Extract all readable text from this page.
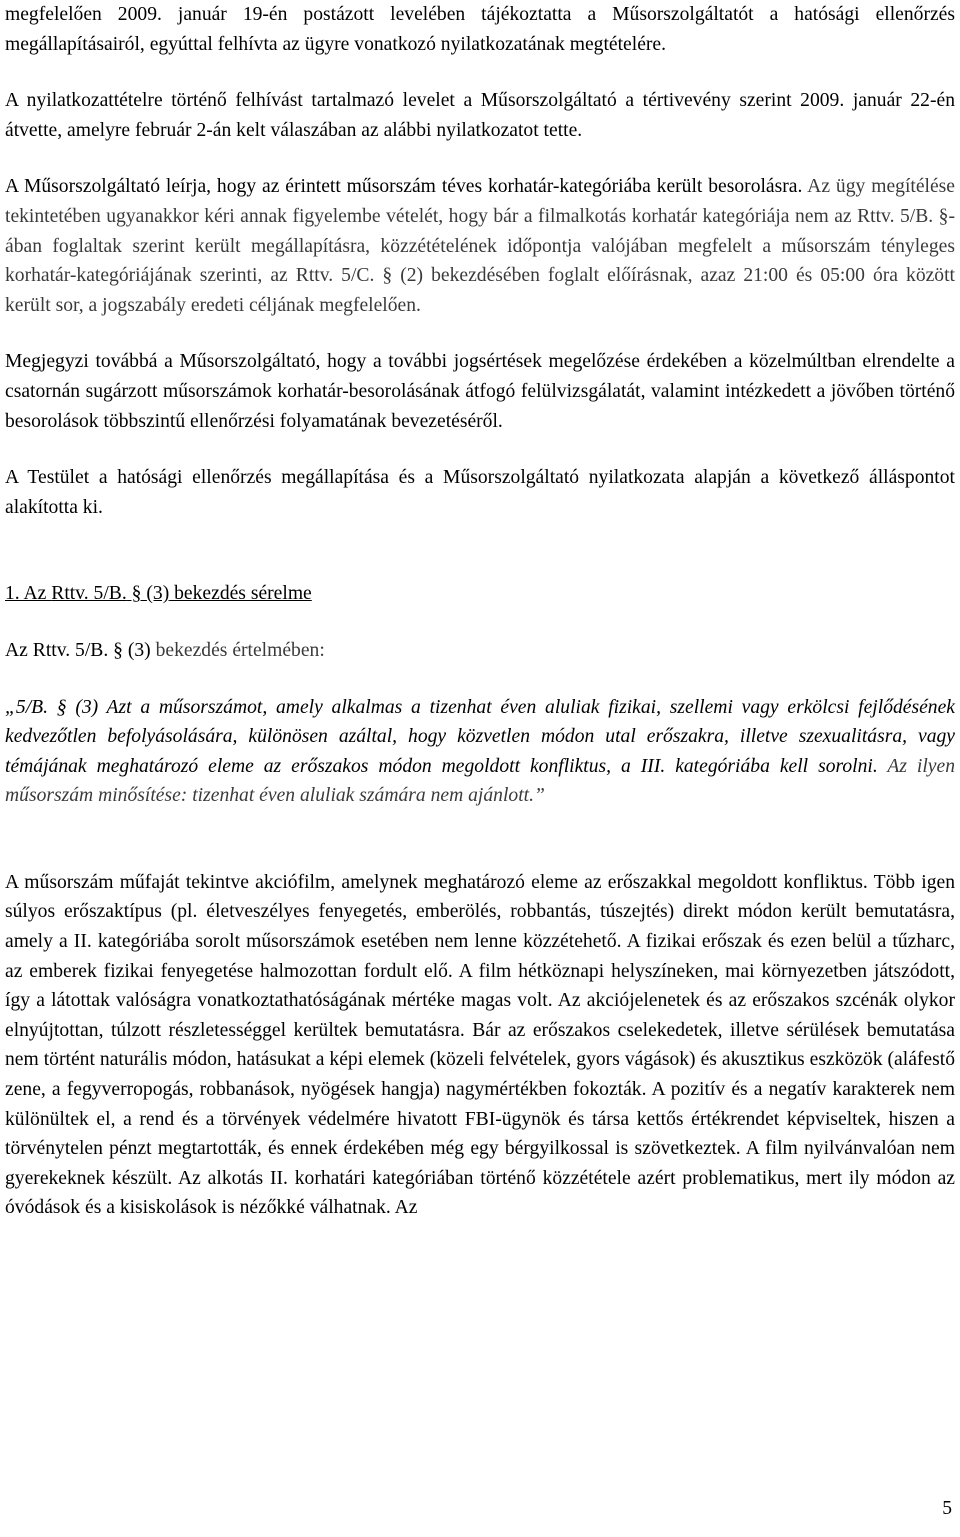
megfelelően 2009. január 19-én postázott levelében tájékoztatta a Műsorszolgáltatót a hatósági ellenőrzés megállapításairól, egyúttal felhívta az ügyre vonatkozó nyilatkozatának megtételére.

A nyilatkozattételre történő felhívást tartalmazó levelet a Műsorszolgáltató a tértivevény szerint 2009. január 22-én átvette, amelyre február 2-án kelt válaszában az alábbi nyilatkozatot tette.

A Műsorszolgáltató leírja, hogy az érintett műsorszám téves korhatár-kategóriába került besorolásra. Az ügy megítélése tekintetében ugyanakkor kéri annak figyelembe vételét, hogy bár a filmalkotás korhatár kategóriája nem az Rttv. 5/B. §-ában foglaltak szerint került megállapításra, közzétételének időpontja valójában megfelelt a műsorszám tényleges korhatár-kategóriájának szerinti, az Rttv. 5/C. § (2) bekezdésében foglalt előírásnak, azaz 21:00 és 05:00 óra között került sor, a jogszabály eredeti céljának megfelelően.

Megjegyzi továbbá a Műsorszolgáltató, hogy a további jogsértések megelőzése érdekében a közelmúltban elrendelte a csatornán sugárzott műsorszámok korhatár-besorolásának átfogó felülvizsgálatát, valamint intézkedett a jövőben történő besorolások többszintű ellenőrzési folyamatának bevezetéséről.

A Testület a hatósági ellenőrzés megállapítása és a Műsorszolgáltató nyilatkozata alapján a következő álláspontot alakította ki.

1. Az Rttv. 5/B. § (3) bekezdés sérelme

Az Rttv. 5/B. § (3) bekezdés értelmében:

„5/B. § (3) Azt a műsorszámot, amely alkalmas a tizenhat éven aluliak fizikai, szellemi vagy erkölcsi fejlődésének kedvezőtlen befolyásolására, különösen azáltal, hogy közvetlen módon utal erőszakra, illetve szexualitásra, vagy témájának meghatározó eleme az erőszakos módon megoldott konfliktus, a III. kategóriába kell sorolni. Az ilyen műsorszám minősítése: tizenhat éven aluliak számára nem ajánlott.”

A műsorszám műfaját tekintve akciófilm, amelynek meghatározó eleme az erőszakkal megoldott konfliktus. Több igen súlyos erőszaktípus (pl. életveszélyes fenyegetés, emberölés, robbantás, túszejtés) direkt módon került bemutatásra, amely a II. kategóriába sorolt műsorszámok esetében nem lenne közzétehető. A fizikai erőszak és ezen belül a tűzharc, az emberek fizikai fenyegetése halmozottan fordult elő. A film hétköznapi helyszíneken, mai környezetben játszódott, így a látottak valóságra vonatkoztathatóságának mértéke magas volt. Az akciójelenetek és az erőszakos szcénák olykor elnyújtottan, túlzott részletességgel kerültek bemutatásra. Bár az erőszakos cselekedetek, illetve sérülések bemutatása nem történt naturális módon, hatásukat a képi elemek (közeli felvételek, gyors vágások) és akusztikus eszközök (aláfestő zene, a fegyverropogás, robbanások, nyögések hangja) nagymértékben fokozták. A pozitív és a negatív karakterek nem különültek el, a rend és a törvények védelmére hivatott FBI-ügynök és társa kettős értékrendet képviseltek, hiszen a törvénytelen pénzt megtartották, és ennek érdekében még egy bérgyilkossal is szövetkeztek. A film nyilvánvalóan nem gyerekeknek készült. Az alkotás II. korhatári kategóriában történő közzététele azért problematikus, mert ily módon az óvódások és a kisiskolások is nézőkké válhatnak. Az

5
